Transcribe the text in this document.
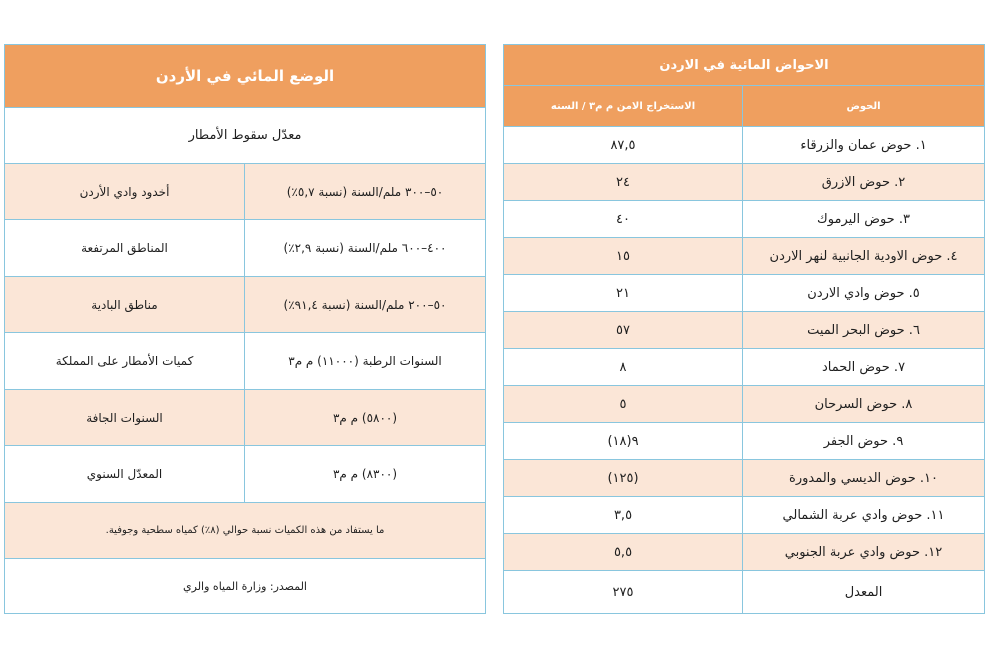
الوضع المائي في الأردن
معدّل سقوط الأمطار
أخدود وادي الأردن	٥٠–٣٠٠ ملم/السنة (نسبة ٥,٧٪)
المناطق المرتفعة	٤٠٠–٦٠٠ ملم/السنة (نسبة ٢,٩٪)
مناطق البادية	٥٠–٢٠٠ ملم/السنة (نسبة ٩١,٤٪)
كميات الأمطار على المملكة	السنوات الرطبة (١١٠٠٠) م م٣
السنوات الجافة	(٥٨٠٠) م م٣
المعدّل السنوي	(٨٣٠٠) م م٣
ما يستفاد من هذه الكميات نسبة حوالي (٨٪) كمياه سطحية وجوفية.
المصدر: وزارة المياه والري
الاحواض المائية في الاردن
الاستخراج الامن م م٣ / السنه	الحوض
٨٧,٥	١. حوض عمان والزرقاء
٢٤	٢. حوض الازرق
٤٠	٣. حوض اليرموك
١٥	٤. حوض الاودية الجانبية لنهر الاردن
٢١	٥. حوض وادي الاردن
٥٧	٦. حوض البحر الميت
٨	٧. حوض الحماد
٥	٨. حوض السرحان
٩(١٨)	٩. حوض الجفر
(١٢٥)	١٠. حوض الديسي والمدورة
٣,٥	١١. حوض وادي عربة الشمالي
٥,٥	١٢. حوض وادي عربة الجنوبي
٢٧٥	المعدل
